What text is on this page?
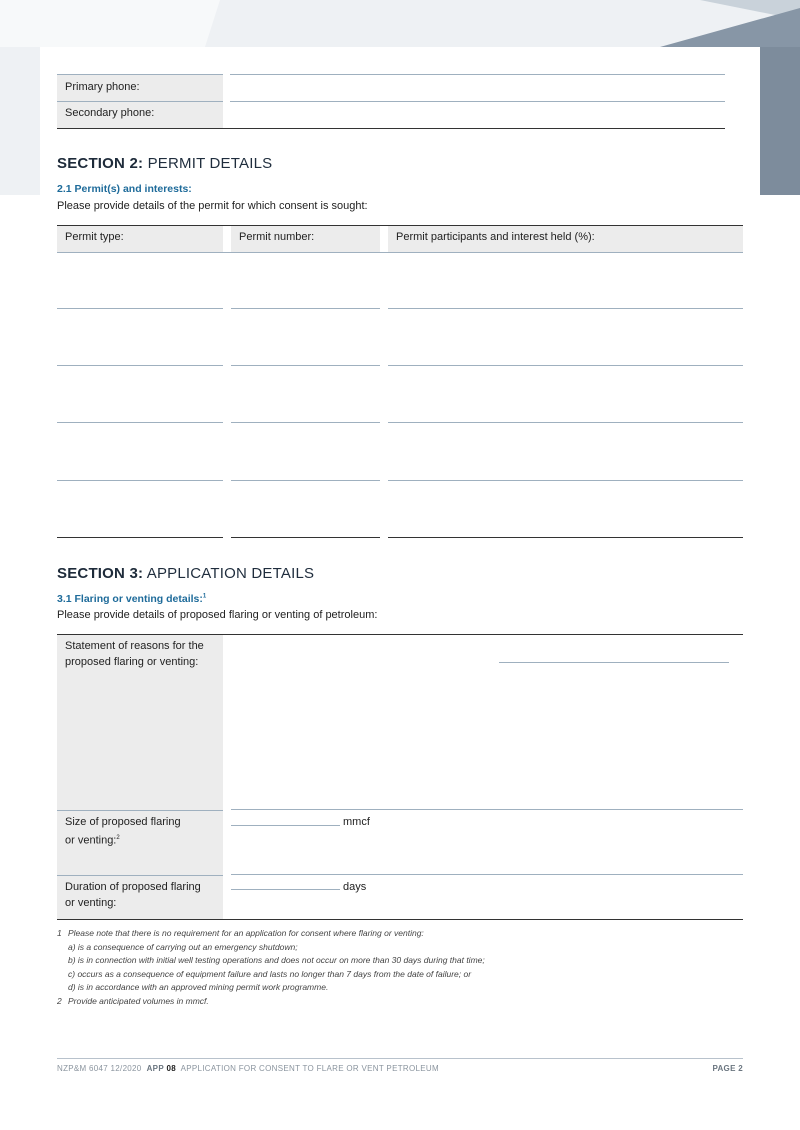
Primary phone:
Secondary phone:
SECTION 2: PERMIT DETAILS
2.1 Permit(s) and interests:
Please provide details of the permit for which consent is sought:
Permit type:	Permit number:	Permit participants and interest held (%):
SECTION 3: APPLICATION DETAILS
3.1 Flaring or venting details:$^1$
Please provide details of proposed flaring or venting of petroleum:
Statement of reasons for the
proposed flaring or venting:
Size of proposed flaring
or venting:$^2$
mmcf
Duration of proposed flaring
or venting:
days
1 Please note that there is no requirement for an application for consent where flaring or venting:
a) is a consequence of carrying out an emergency shutdown;
b) is in connection with initial well testing operations and does not occur on more than 30 days during that time;
c) occurs as a consequence of equipment failure and lasts no longer than 7 days from the date of failure; or
d) is in accordance with an approved mining permit work programme.
2 Provide anticipated volumes in mmcf.
NZP&M 6047 12/2020 APP 08 APPLICATION FOR CONSENT TO FLARE OR VENT PETROLEUM	PAGE 2
